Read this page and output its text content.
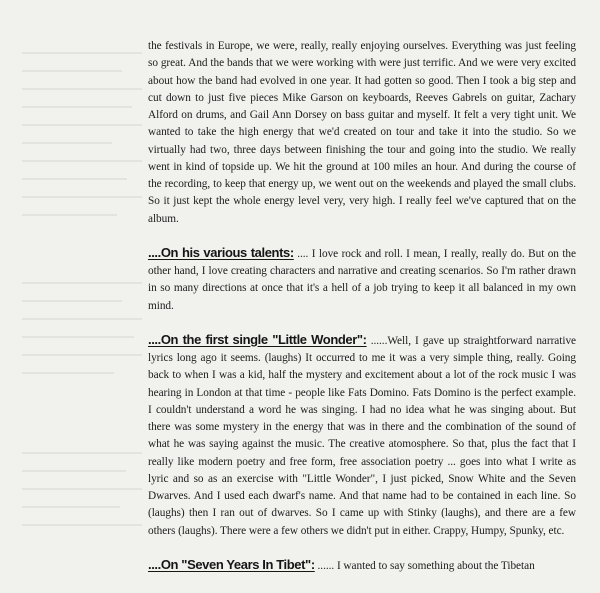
the festivals in Europe, we were, really, really enjoying ourselves. Everything was just feeling so great. And the bands that we were working with were just terrific. And we were very excited about how the band had evolved in one year. It had gotten so good. Then I took a big step and cut down to just five pieces Mike Garson on keyboards, Reeves Gabrels on guitar, Zachary Alford on drums, and Gail Ann Dorsey on bass guitar and myself. It felt a very tight unit. We wanted to take the high energy that we'd created on tour and take it into the studio. So we virtually had two, three days between finishing the tour and going into the studio. We really went in kind of topside up. We hit the ground at 100 miles an hour. And during the course of the recording, to keep that energy up, we went out on the weekends and played the small clubs. So it just kept the whole energy level very, very high. I really feel we've captured that on the album.

....On his various talents: .... I love rock and roll. I mean, I really, really do. But on the other hand, I love creating characters and narrative and creating scenarios. So I'm rather drawn in so many directions at once that it's a hell of a job trying to keep it all balanced in my own mind.

....On the first single "Little Wonder": ......Well, I gave up straightforward narrative lyrics long ago it seems. (laughs) It occurred to me it was a very simple thing, really. Going back to when I was a kid, half the mystery and excitement about a lot of the rock music I was hearing in London at that time - people like Fats Domino. Fats Domino is the perfect example. I couldn't understand a word he was singing. I had no idea what he was singing about. But there was some mystery in the energy that was in there and the combination of the sound of what he was saying against the music. The creative atomosphere. So that, plus the fact that I really like modern poetry and free form, free association poetry ... goes into what I write as lyric and so as an exercise with "Little Wonder", I just picked, Snow White and the Seven Dwarves. And I used each dwarf's name. And that name had to be contained in each line. So (laughs) then I ran out of dwarves. So I came up with Stinky (laughs), and there are a few others (laughs). There were a few others we didn't put in either. Crappy, Humpy, Spunky, etc.

....On "Seven Years In Tibet": ...... I wanted to say something about the Tibetan
